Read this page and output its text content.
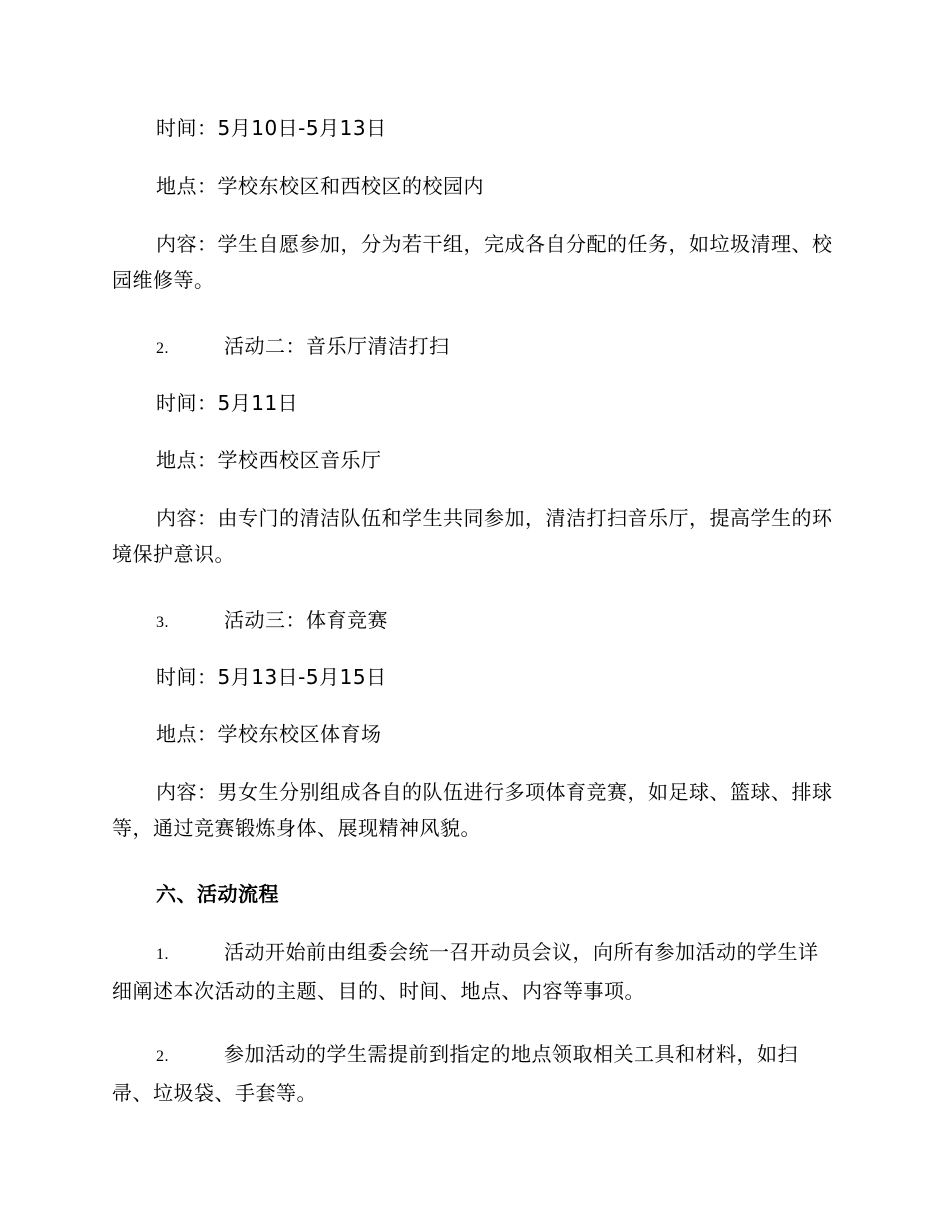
时间：5月10日-5月13日
地点：学校东校区和西校区的校园内
内容：学生自愿参加，分为若干组，完成各自分配的任务，如垃圾清理、校园维修等。
2.	活动二：音乐厅清洁打扫
时间：5月11日
地点：学校西校区音乐厅
内容：由专门的清洁队伍和学生共同参加，清洁打扫音乐厅，提高学生的环境保护意识。
3.	活动三：体育竞赛
时间：5月13日-5月15日
地点：学校东校区体育场
内容：男女生分别组成各自的队伍进行多项体育竞赛，如足球、篮球、排球等，通过竞赛锻炼身体、展现精神风貌。
六、活动流程
1.	活动开始前由组委会统一召开动员会议，向所有参加活动的学生详细阐述本次活动的主题、目的、时间、地点、内容等事项。
2.	参加活动的学生需提前到指定的地点领取相关工具和材料，如扫帚、垃圾袋、手套等。
